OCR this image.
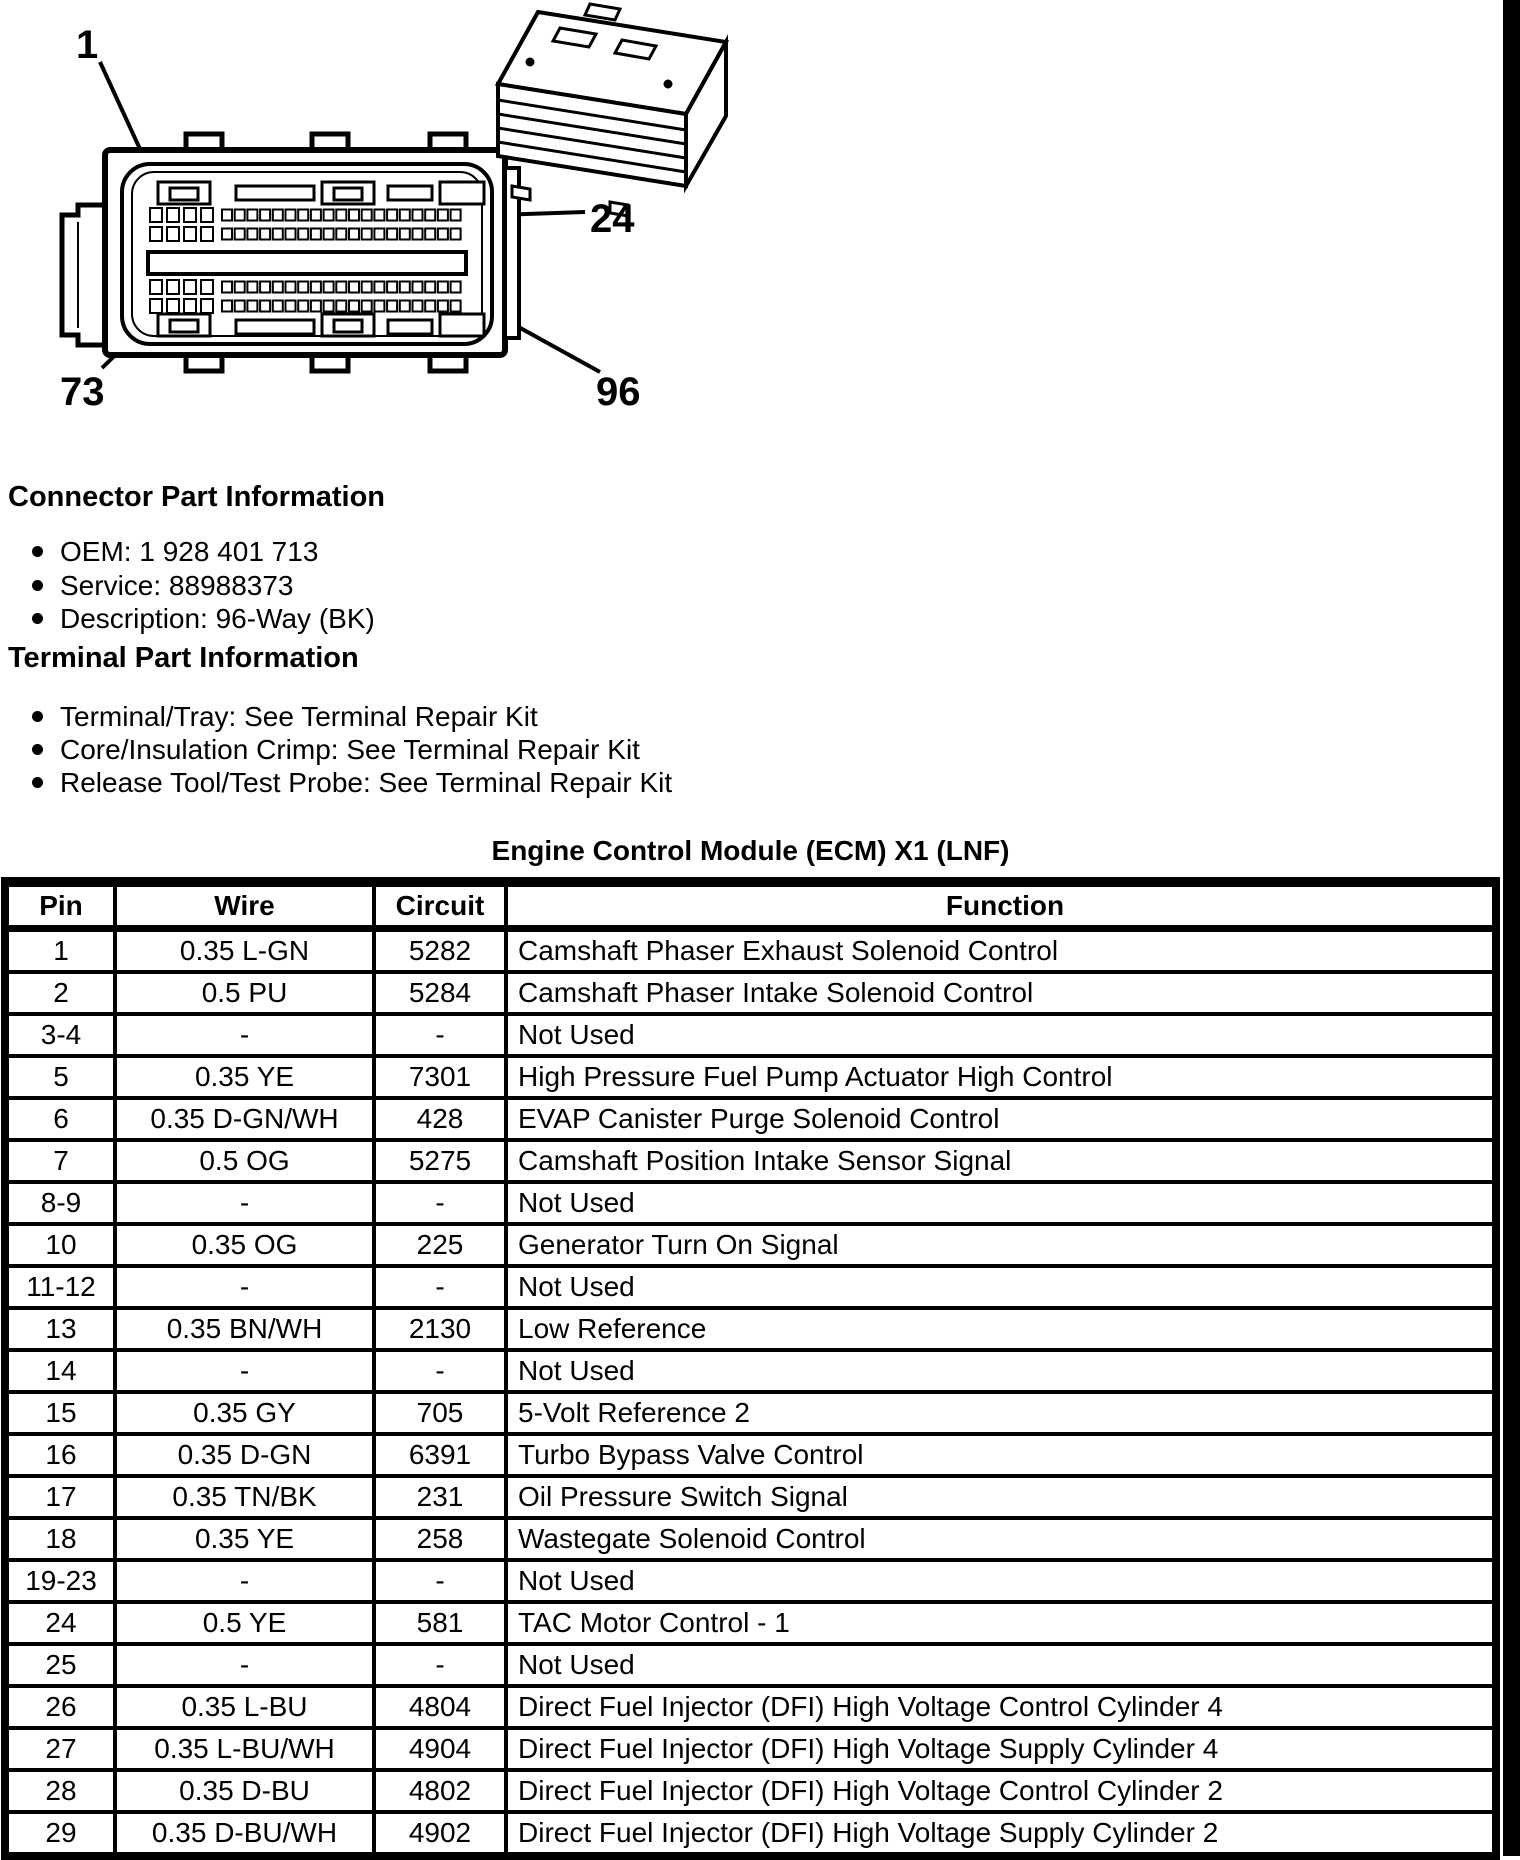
1
24
73	96
Connector Part Information
OEM: 1 928 401 713
Service: 88988373
Description: 96-Way (BK)
Terminal Part Information
Terminal/Tray: See Terminal Repair Kit
Core/Insulation Crimp: See Terminal Repair Kit
Release Tool/Test Probe: See Terminal Repair Kit
Engine Control Module (ECM) X1 (LNF)
Pin	Wire	Circuit	Function
1	0.35 L-GN	5282	Camshaft Phaser Exhaust Solenoid Control
2	0.5 PU	5284	Camshaft Phaser Intake Solenoid Control
3-4	-	-	Not Used
5	0.35 YE	7301	High Pressure Fuel Pump Actuator High Control
6	0.35 D-GN/WH	428	EVAP Canister Purge Solenoid Control
7	0.5 OG	5275	Camshaft Position Intake Sensor Signal
8-9	-	-	Not Used
10	0.35 OG	225	Generator Turn On Signal
11-12	-	-	Not Used
13	0.35 BN/WH	2130	Low Reference
14	-	-	Not Used
15	0.35 GY	705	5-Volt Reference 2
16	0.35 D-GN	6391	Turbo Bypass Valve Control
17	0.35 TN/BK	231	Oil Pressure Switch Signal
18	0.35 YE	258	Wastegate Solenoid Control
19-23	-	-	Not Used
24	0.5 YE	581	TAC Motor Control - 1
25	-	-	Not Used
26	0.35 L-BU	4804	Direct Fuel Injector (DFI) High Voltage Control Cylinder 4
27	0.35 L-BU/WH	4904	Direct Fuel Injector (DFI) High Voltage Supply Cylinder 4
28	0.35 D-BU	4802	Direct Fuel Injector (DFI) High Voltage Control Cylinder 2
29	0.35 D-BU/WH	4902	Direct Fuel Injector (DFI) High Voltage Supply Cylinder 2
